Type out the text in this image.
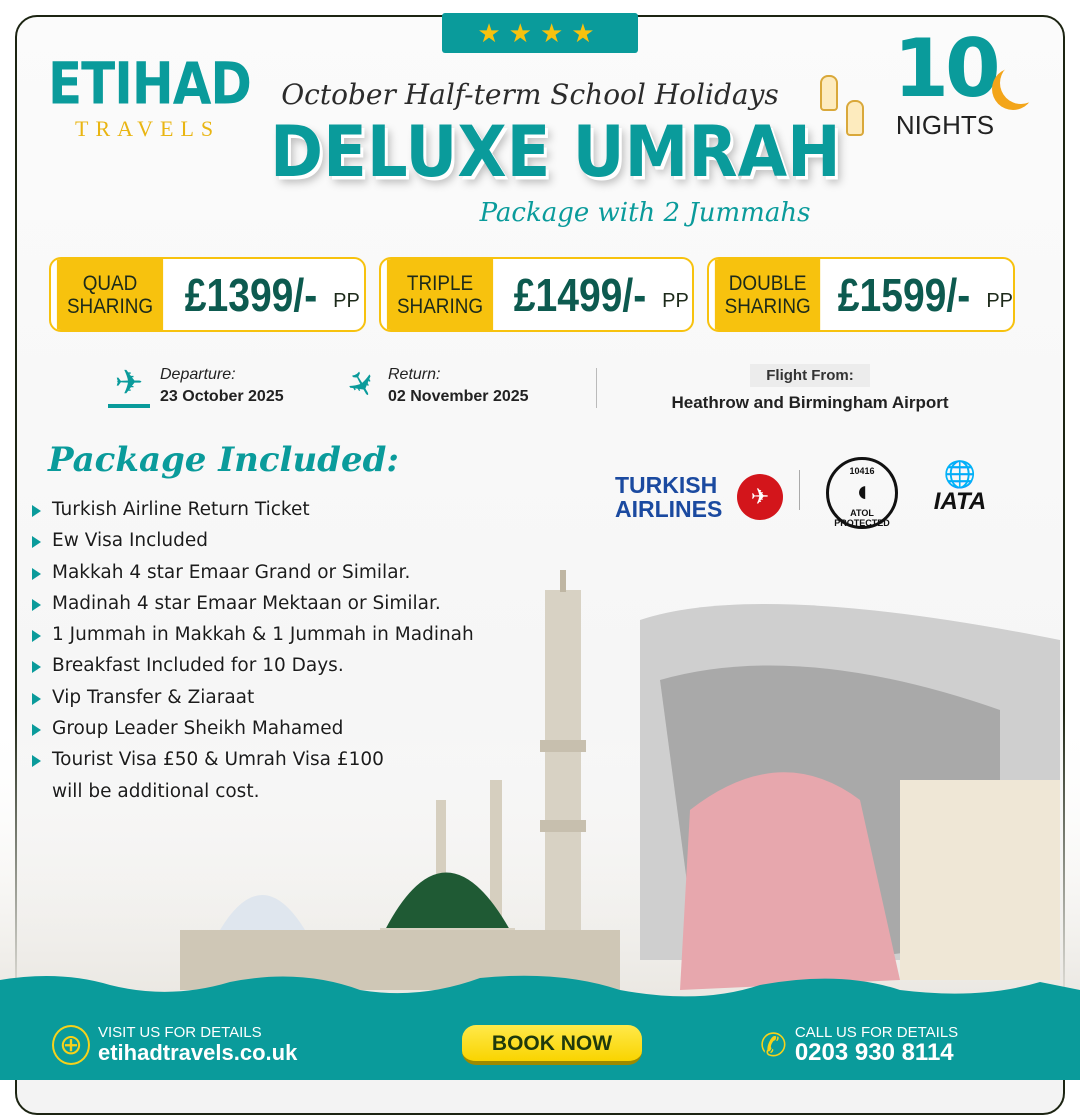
★★★★
ETIHAD
TRAVELS
October Half-term School Holidays
DELUXE UMRAH
Package with 2 Jummahs
10
NIGHTS
QUAD
SHARING £1399/- PP
TRIPLE
SHARING £1499/- PP
DOUBLE
SHARING £1599/- PP
✈	Departure:
23 October 2025 ✈ Return:
02 November 2025
Flight From:
Heathrow and Birmingham Airport
Package Included:
TURKISH
AIRLINES	✈
10416
◖
ATOL PROTECTED
🌐
IATA
Turkish Airline Return Ticket
Ew Visa Included
Makkah 4 star Emaar Grand or Similar.
Madinah 4 star Emaar Mektaan or Similar.
1 Jummah in Makkah & 1 Jummah in Madinah
Breakfast Included for 10 Days.
Vip Transfer & Ziaraat
Group Leader Sheikh Mahamed
Tourist Visa £50 & Umrah Visa £100
will be additional cost.
⊕	VISIT US FOR DETAILS
etihadtravels.co.uk	BOOK NOW	✆ CALL US FOR DETAILS
0203 930 8114
